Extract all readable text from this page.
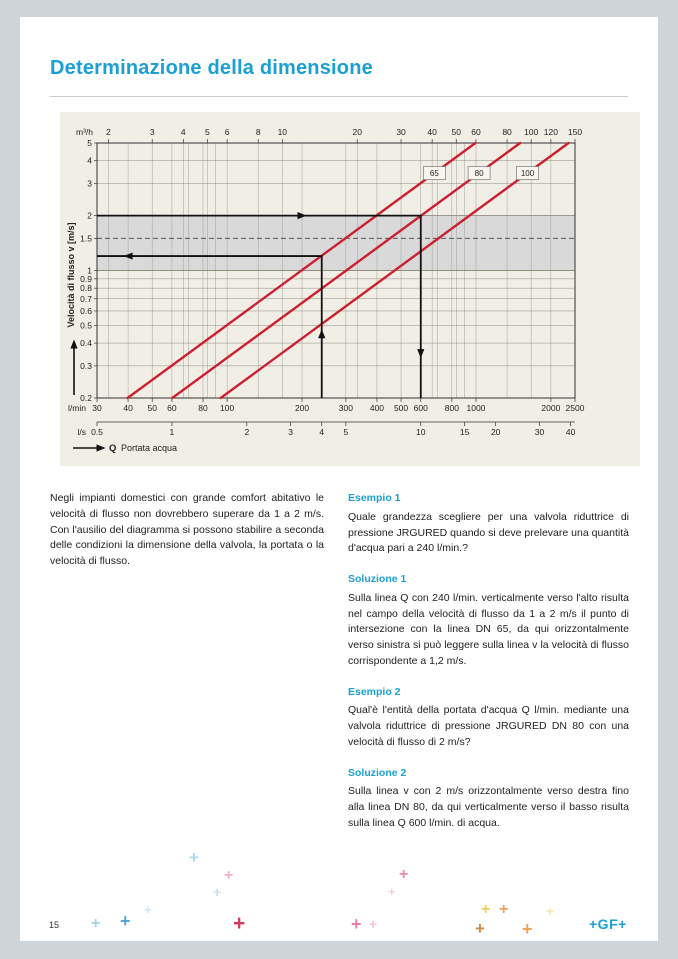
Determinazione della dimensione
2	3	4 5 6	8 10	20	30	40 50 60	80 100 120 150
m³/h
30	40 50 60	80 100	200	300 400 500 600 800 1000	2000 2500
l/min
0.5	1	2	3	4 5	10	15	20	30	40
l/s
5
4
3
2
1.5
1
0.9
0.8
0.7
0.6
0.5
0.4
0.3
0.2
65	80	100
Velocità di flusso v [m/s]
Q Portata acqua

Negli impianti domestici con grande comfort abitativo le velocità di flusso non dovrebbero superare da 1 a 2 m/s. Con l'ausilio del diagramma si possono stabilire a seconda delle condizioni la dimensione della valvola, la portata o la velocità di flusso.

Esempio 1

Quale grandezza scegliere per una valvola riduttrice di pressione JRGURED quando si deve prelevare una quantità d'acqua pari a 240 l/min.?

Soluzione 1

Sulla linea Q con 240 l/min. verticalmente verso l'alto risulta nel campo della velocità di flusso da 1 a 2 m/s il punto di intersezione con la linea DN 65, da qui orizzontalmente verso sinistra si può leggere sulla linea v la velocità di flusso corrispondente a 1,2 m/s.

Esempio 2

Qual'è l'entità della portata d'acqua Q l/min. mediante una valvola riduttrice di pressione JRGURED DN 80 con una velocità di flusso di 2 m/s?

Soluzione 2

Sulla linea v con 2 m/s orizzontalmente verso destra fino alla linea DN 80, da qui verticalmente verso il basso risulta sulla linea Q 600 l/min. di acqua.

15	+GF+
+
+
+
+
+
+ +
+
+	+ +
+ +
+ +
+
